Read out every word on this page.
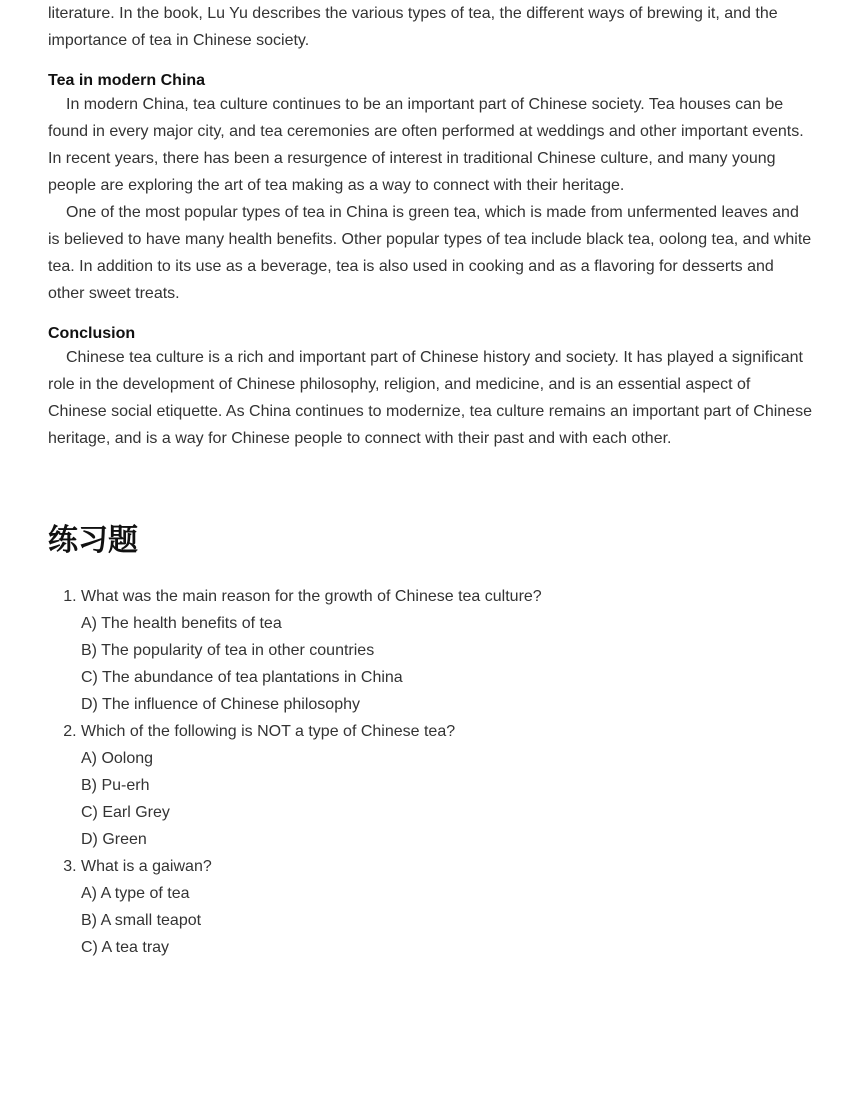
literature. In the book, Lu Yu describes the various types of tea, the different ways of brewing it, and the importance of tea in Chinese society.

Tea in modern China

In modern China, tea culture continues to be an important part of Chinese society. Tea houses can be found in every major city, and tea ceremonies are often performed at weddings and other important events. In recent years, there has been a resurgence of interest in traditional Chinese culture, and many young people are exploring the art of tea making as a way to connect with their heritage.

One of the most popular types of tea in China is green tea, which is made from unfermented leaves and is believed to have many health benefits. Other popular types of tea include black tea, oolong tea, and white tea. In addition to its use as a beverage, tea is also used in cooking and as a flavoring for desserts and other sweet treats.

Conclusion

Chinese tea culture is a rich and important part of Chinese history and society. It has played a significant role in the development of Chinese philosophy, religion, and medicine, and is an essential aspect of Chinese social etiquette. As China continues to modernize, tea culture remains an important part of Chinese heritage, and is a way for Chinese people to connect with their past and with each other.

练习题
1. What was the main reason for the growth of Chinese tea culture?
A) The health benefits of tea
B) The popularity of tea in other countries
C) The abundance of tea plantations in China
D) The influence of Chinese philosophy
2. Which of the following is NOT a type of Chinese tea?
A) Oolong
B) Pu-erh
C) Earl Grey
D) Green
3. What is a gaiwan?
A) A type of tea
B) A small teapot
C) A tea tray
